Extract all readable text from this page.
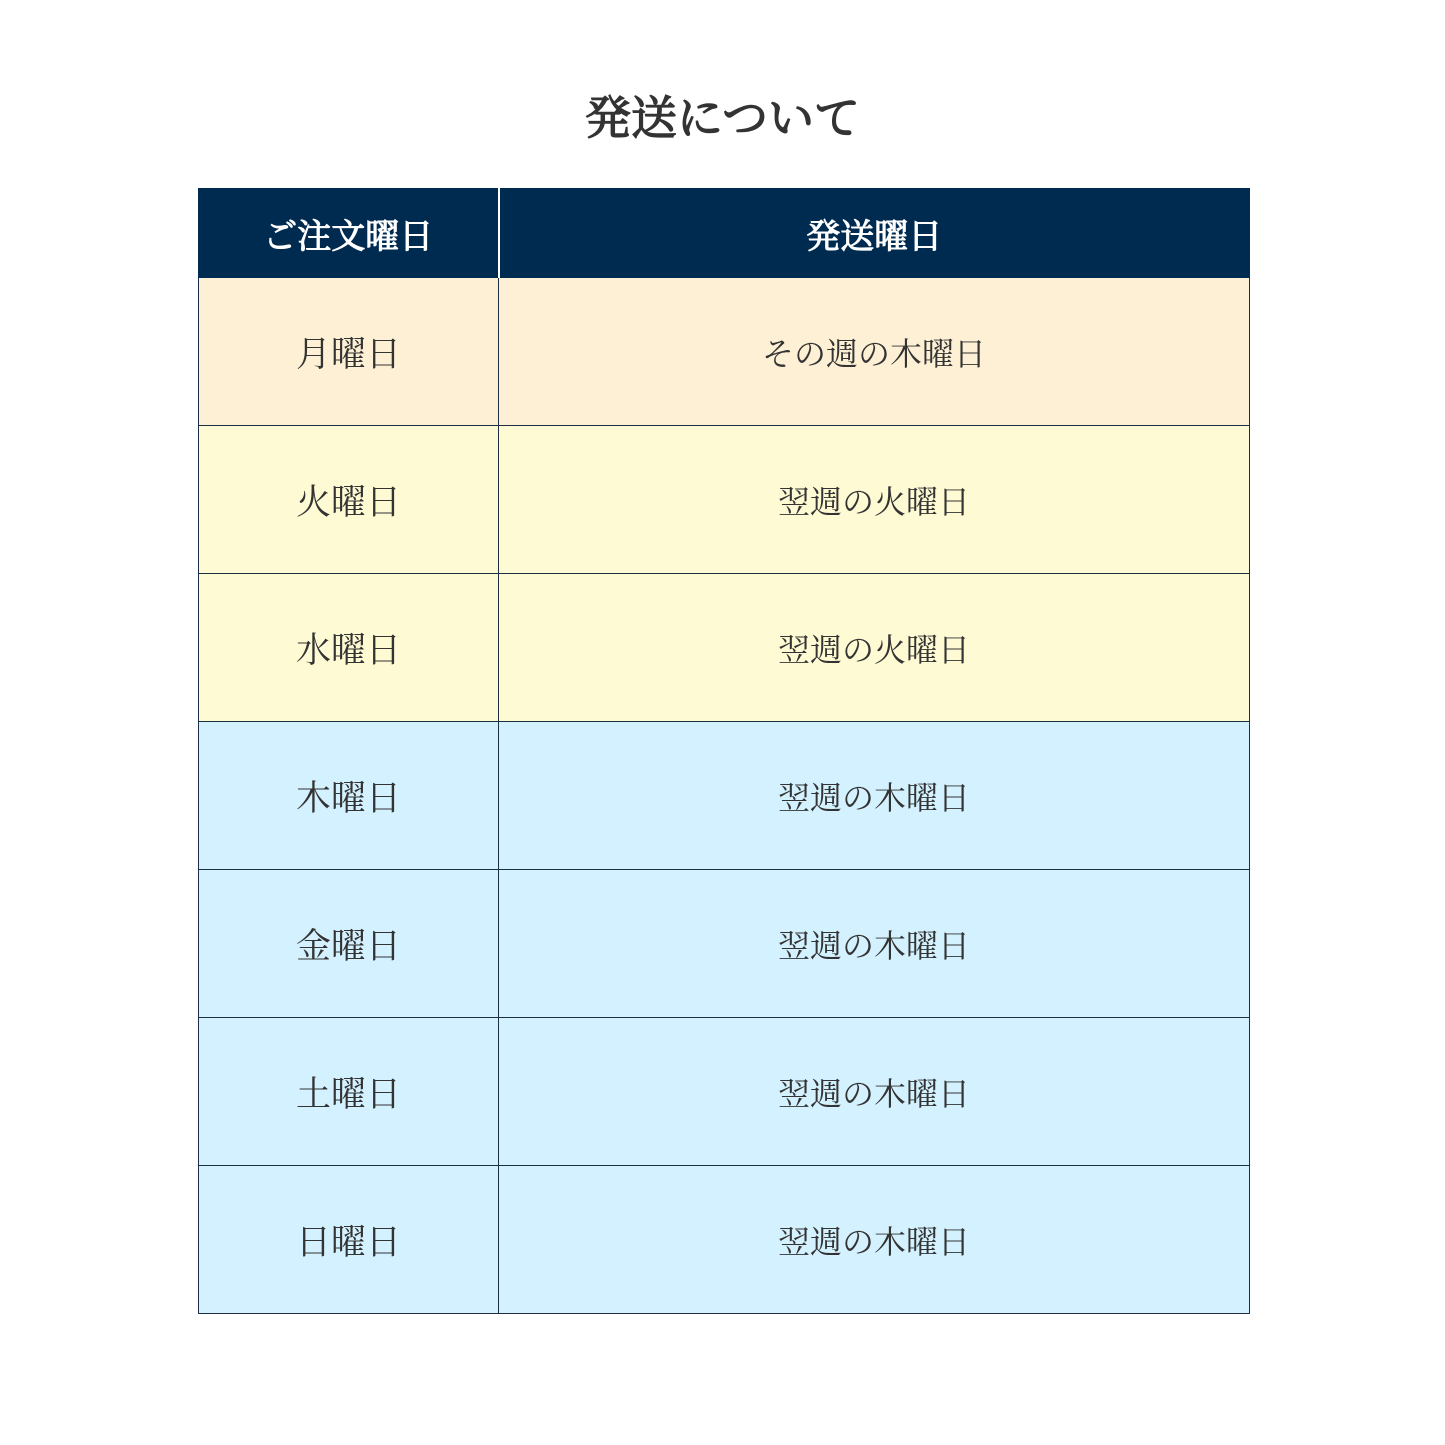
発送について
ご注文曜日	発送曜日
月曜日	その週の木曜日
火曜日	翌週の火曜日
水曜日	翌週の火曜日
木曜日	翌週の木曜日
金曜日	翌週の木曜日
土曜日	翌週の木曜日
日曜日	翌週の木曜日
